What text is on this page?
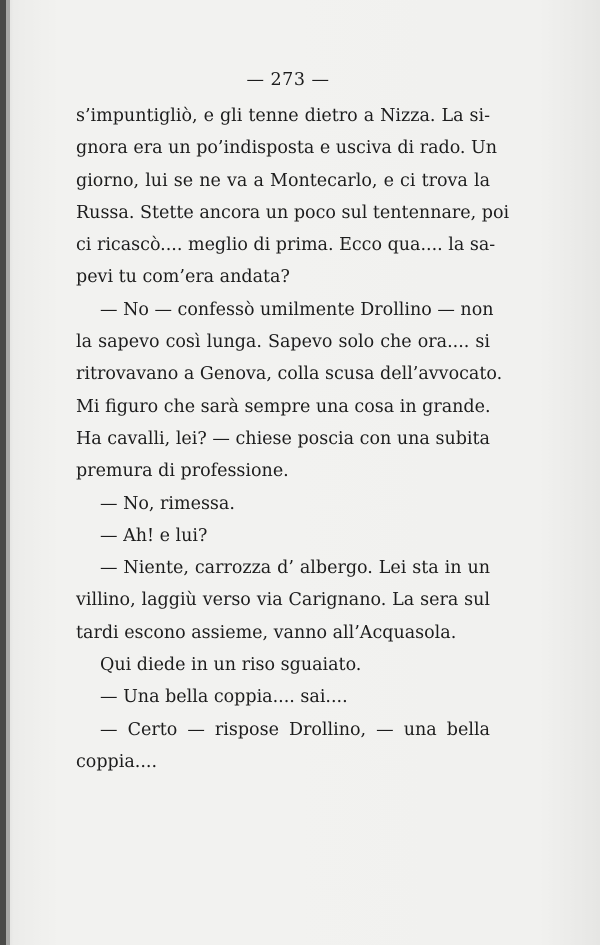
— 273 —
s’impuntigliò, e gli tenne dietro a Nizza. La si-
gnora era un po’indisposta e usciva di rado. Un
giorno, lui se ne va a Montecarlo, e ci trova la
Russa. Stette ancora un poco sul tentennare, poi
ci ricascò.... meglio di prima. Ecco qua.... la sa-
pevi tu com’era andata?
— No — confessò umilmente Drollino — non
la sapevo così lunga. Sapevo solo che ora.... si
ritrovavano a Genova, colla scusa dell’avvocato.
Mi figuro che sarà sempre una cosa in grande.
Ha cavalli, lei? — chiese poscia con una subita
premura di professione.
— No, rimessa.
— Ah! e lui?
— Niente, carrozza d’ albergo. Lei sta in un
villino, laggiù verso via Carignano. La sera sul
tardi escono assieme, vanno all’Acquasola.
Qui diede in un riso sguaiato.
— Una bella coppia.... sai....
— Certo — rispose Drollino, — una bella
coppia....
